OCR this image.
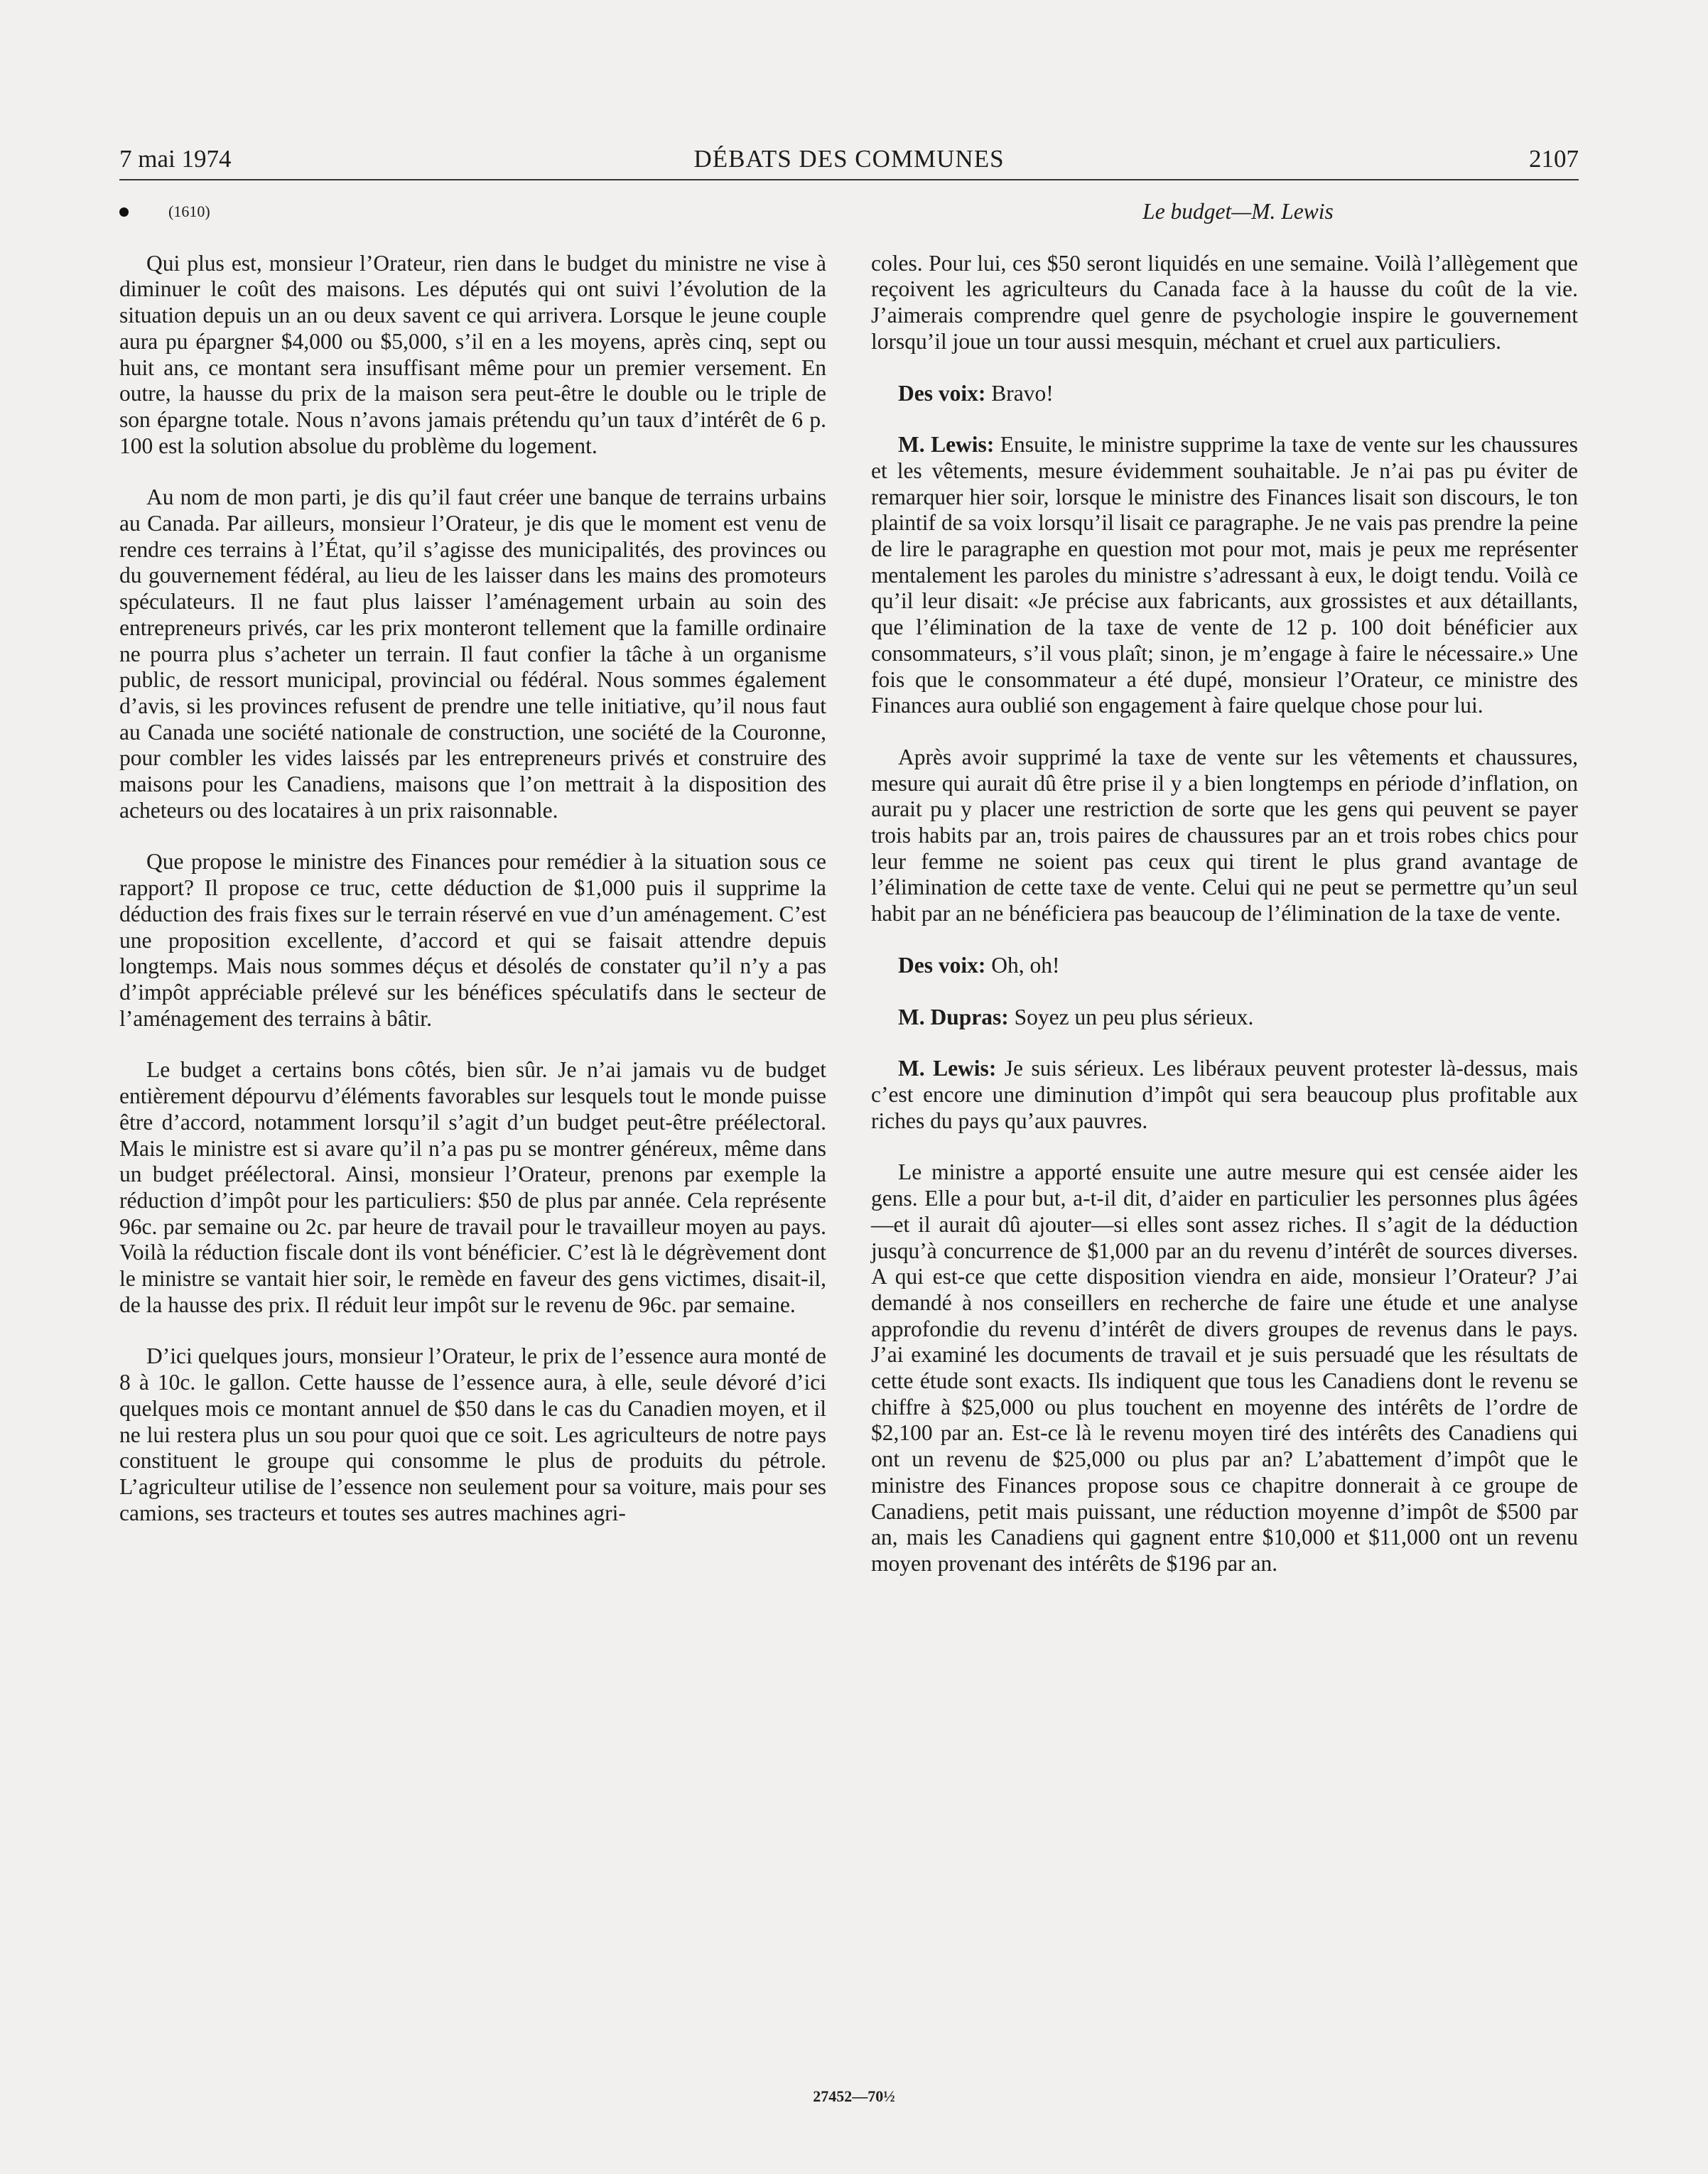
7 mai 1974	DÉBATS DES COMMUNES	2107

(1610)

Qui plus est, monsieur l’Orateur, rien dans le budget du ministre ne vise à diminuer le coût des maisons. Les députés qui ont suivi l’évolution de la situation depuis un an ou deux savent ce qui arrivera. Lorsque le jeune couple aura pu épargner $4,000 ou $5,000, s’il en a les moyens, après cinq, sept ou huit ans, ce montant sera insuffisant même pour un premier versement. En outre, la hausse du prix de la maison sera peut-être le double ou le triple de son épargne totale. Nous n’avons jamais prétendu qu’un taux d’intérêt de 6 p. 100 est la solution absolue du problème du logement.

Au nom de mon parti, je dis qu’il faut créer une banque de terrains urbains au Canada. Par ailleurs, monsieur l’Orateur, je dis que le moment est venu de rendre ces terrains à l’État, qu’il s’agisse des municipalités, des provinces ou du gouvernement fédéral, au lieu de les laisser dans les mains des promoteurs spéculateurs. Il ne faut plus laisser l’aménagement urbain au soin des entrepreneurs privés, car les prix monteront tellement que la famille ordinaire ne pourra plus s’acheter un terrain. Il faut confier la tâche à un organisme public, de ressort municipal, provincial ou fédéral. Nous sommes également d’avis, si les provinces refusent de prendre une telle initiative, qu’il nous faut au Canada une société nationale de construction, une société de la Couronne, pour combler les vides laissés par les entrepreneurs privés et construire des maisons pour les Canadiens, maisons que l’on mettrait à la disposition des acheteurs ou des locataires à un prix raisonnable.

Que propose le ministre des Finances pour remédier à la situation sous ce rapport? Il propose ce truc, cette déduction de $1,000 puis il supprime la déduction des frais fixes sur le terrain réservé en vue d’un aménagement. C’est une proposition excellente, d’accord et qui se faisait attendre depuis longtemps. Mais nous sommes déçus et désolés de constater qu’il n’y a pas d’impôt appréciable prélevé sur les bénéfices spéculatifs dans le secteur de l’aménagement des terrains à bâtir.

Le budget a certains bons côtés, bien sûr. Je n’ai jamais vu de budget entièrement dépourvu d’éléments favorables sur lesquels tout le monde puisse être d’accord, notamment lorsqu’il s’agit d’un budget peut-être préélectoral. Mais le ministre est si avare qu’il n’a pas pu se montrer généreux, même dans un budget préélectoral. Ainsi, monsieur l’Orateur, prenons par exemple la réduction d’impôt pour les particuliers: $50 de plus par année. Cela représente 96c. par semaine ou 2c. par heure de travail pour le travailleur moyen au pays. Voilà la réduction fiscale dont ils vont bénéficier. C’est là le dégrèvement dont le ministre se vantait hier soir, le remède en faveur des gens victimes, disait-il, de la hausse des prix. Il réduit leur impôt sur le revenu de 96c. par semaine.

D’ici quelques jours, monsieur l’Orateur, le prix de l’essence aura monté de 8 à 10c. le gallon. Cette hausse de l’essence aura, à elle, seule dévoré d’ici quelques mois ce montant annuel de $50 dans le cas du Canadien moyen, et il ne lui restera plus un sou pour quoi que ce soit. Les agriculteurs de notre pays constituent le groupe qui consomme le plus de produits du pétrole. L’agriculteur utilise de l’essence non seulement pour sa voiture, mais pour ses camions, ses tracteurs et toutes ses autres machines agri-

Le budget—M. Lewis

coles. Pour lui, ces $50 seront liquidés en une semaine. Voilà l’allègement que reçoivent les agriculteurs du Canada face à la hausse du coût de la vie. J’aimerais comprendre quel genre de psychologie inspire le gouvernement lorsqu’il joue un tour aussi mesquin, méchant et cruel aux particuliers.

Des voix: Bravo!

M. Lewis: Ensuite, le ministre supprime la taxe de vente sur les chaussures et les vêtements, mesure évidemment souhaitable. Je n’ai pas pu éviter de remarquer hier soir, lorsque le ministre des Finances lisait son discours, le ton plaintif de sa voix lorsqu’il lisait ce paragraphe. Je ne vais pas prendre la peine de lire le paragraphe en question mot pour mot, mais je peux me représenter mentalement les paroles du ministre s’adressant à eux, le doigt tendu. Voilà ce qu’il leur disait: «Je précise aux fabricants, aux grossistes et aux détaillants, que l’élimination de la taxe de vente de 12 p. 100 doit bénéficier aux consommateurs, s’il vous plaît; sinon, je m’engage à faire le nécessaire.» Une fois que le consommateur a été dupé, monsieur l’Orateur, ce ministre des Finances aura oublié son engagement à faire quelque chose pour lui.

Après avoir supprimé la taxe de vente sur les vêtements et chaussures, mesure qui aurait dû être prise il y a bien longtemps en période d’inflation, on aurait pu y placer une restriction de sorte que les gens qui peuvent se payer trois habits par an, trois paires de chaussures par an et trois robes chics pour leur femme ne soient pas ceux qui tirent le plus grand avantage de l’élimination de cette taxe de vente. Celui qui ne peut se permettre qu’un seul habit par an ne bénéficiera pas beaucoup de l’élimination de la taxe de vente.

Des voix: Oh, oh!

M. Dupras: Soyez un peu plus sérieux.

M. Lewis: Je suis sérieux. Les libéraux peuvent protester là-dessus, mais c’est encore une diminution d’impôt qui sera beaucoup plus profitable aux riches du pays qu’aux pauvres.

Le ministre a apporté ensuite une autre mesure qui est censée aider les gens. Elle a pour but, a-t-il dit, d’aider en particulier les personnes plus âgées—et il aurait dû ajouter—si elles sont assez riches. Il s’agit de la déduction jusqu’à concurrence de $1,000 par an du revenu d’intérêt de sources diverses. A qui est-ce que cette disposition viendra en aide, monsieur l’Orateur? J’ai demandé à nos conseillers en recherche de faire une étude et une analyse approfondie du revenu d’intérêt de divers groupes de revenus dans le pays. J’ai examiné les documents de travail et je suis persuadé que les résultats de cette étude sont exacts. Ils indiquent que tous les Canadiens dont le revenu se chiffre à $25,000 ou plus touchent en moyenne des intérêts de l’ordre de $2,100 par an. Est-ce là le revenu moyen tiré des intérêts des Canadiens qui ont un revenu de $25,000 ou plus par an? L’abattement d’impôt que le ministre des Finances propose sous ce chapitre donnerait à ce groupe de Canadiens, petit mais puissant, une réduction moyenne d’impôt de $500 par an, mais les Canadiens qui gagnent entre $10,000 et $11,000 ont un revenu moyen provenant des intérêts de $196 par an.

27452—70½
